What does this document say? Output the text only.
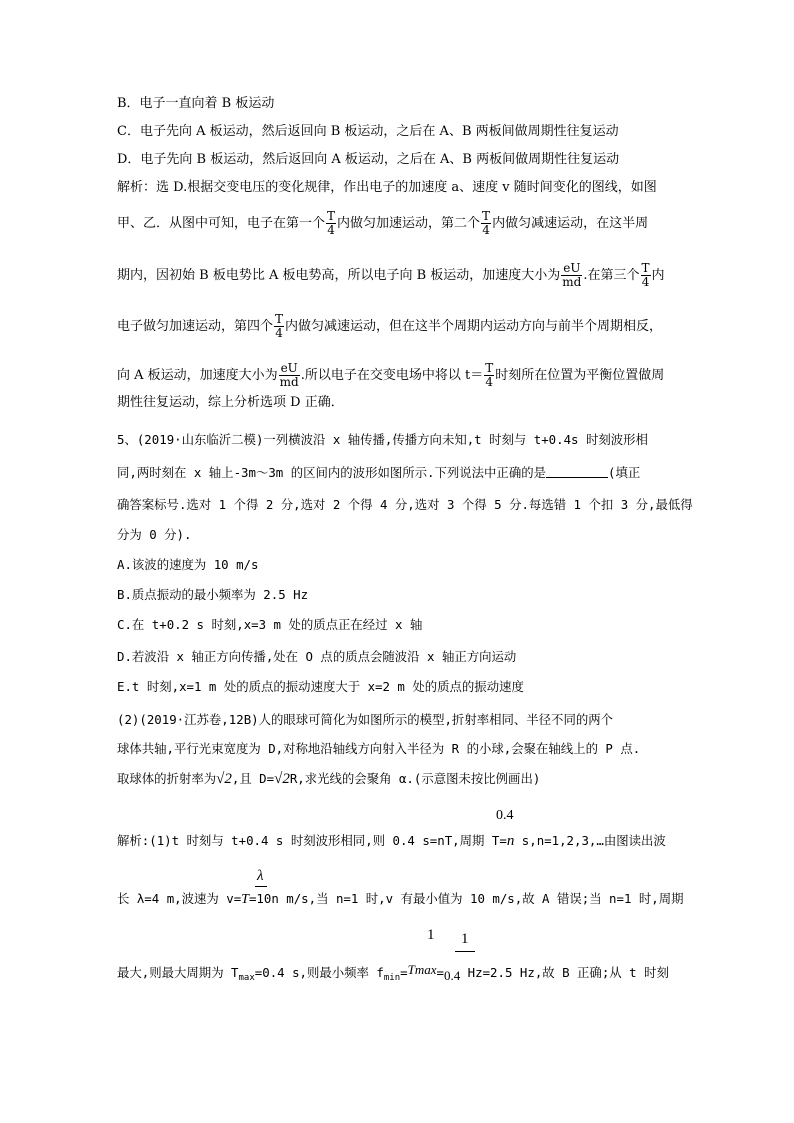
B．电子一直向着 B 板运动
C．电子先向 A 板运动，然后返回向 B 板运动，之后在 A、B 两板间做周期性往复运动
D．电子先向 B 板运动，然后返回向 A 板运动，之后在 A、B 两板间做周期性往复运动
解析：选 D.根据交变电压的变化规律，作出电子的加速度 a、速度 v 随时间变化的图线，如图
甲、乙．从图中可知，电子在第一个 $\frac{T}{4}$ 内做匀加速运动，第二个 $\frac{T}{4}$ 内做匀减速运动，在这半周
期内，因初始 B 板电势比 A 板电势高，所以电子向 B 板运动，加速度大小为 $\frac{eU}{md}$ .在第三个 $\frac{T}{4}$ 内
电子做匀加速运动，第四个 $\frac{T}{4}$ 内做匀减速运动，但在这半个周期内运动方向与前半个周期相反，
向 A 板运动，加速度大小为 $\frac{eU}{md}$ .所以电子在交变电场中将以 $t= \frac{T}{4}$ 时刻所在位置为平衡位置做周
期性往复运动，综上分析选项 D 正确．
5、(2019·山东临沂二模)一列横波沿 x 轴传播,传播方向未知,t 时刻与 t+0.4s 时刻波形相
同,两时刻在 x 轴上-3m～3m 的区间内的波形如图所示.下列说法中正确的是	(填正
确答案标号.选对 1 个得 2 分,选对 2 个得 4 分,选对 3 个得 5 分.每选错 1 个扣 3 分,最低得
分为 0 分).
A.该波的速度为 10 m/s
B.质点振动的最小频率为 2.5 Hz
C.在 t+0.2 s 时刻,x=3 m 处的质点正在经过 x 轴
D.若波沿 x 轴正方向传播,处在 O 点的质点会随波沿 x 轴正方向运动
E.t 时刻,x=1 m 处的质点的振动速度大于 x=2 m 处的质点的振动速度
(2)(2019·江苏卷,12B)人的眼球可简化为如图所示的模型,折射率相同、半径不同的两个
球体共轴,平行光束宽度为 D,对称地沿轴线方向射入半径为 R 的小球,会聚在轴线上的 P 点.
取球体的折射率为√2,且 D=√2R,求光线的会聚角 α.(示意图未按比例画出)
0.4
解析:(1)t 时刻与 t+0.4 s 时刻波形相同,则 0.4 s=nT,周期 T=n s,n=1,2,3,…由图读出波
λ
长 λ=4 m,波速为 v=T=10n m/s,当 n=1 时,v 有最小值为 10 m/s,故 A 错误;当 n=1 时,周期
1 1
最大,则最大周期为 $T_{max}=0.4$ s,则最小频率 $f_{min}=Tmax=0.4$ Hz=2.5 Hz,故 B 正确;从 t 时刻
